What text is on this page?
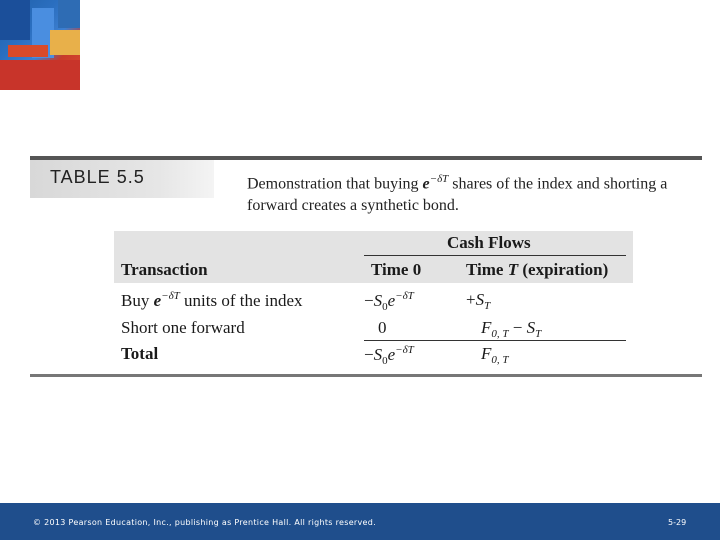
TABLE 5.5	Demonstration that buying $e^{-\delta T}$ shares of the index and shorting a forward creates a synthetic bond.
Cash Flows
Transaction	Time 0	Time T (expiration)
Buy $e^{-\delta T}$ units of the index	$-S_0e^{-\delta T}$	$+S_T$
Short one forward	0	$F_{0, T} - S_T$
Total	$-S_0e^{-\delta T}$	$F_{0, T}$
© 2013 Pearson Education, Inc., publishing as Prentice Hall. All rights reserved.	5-29
